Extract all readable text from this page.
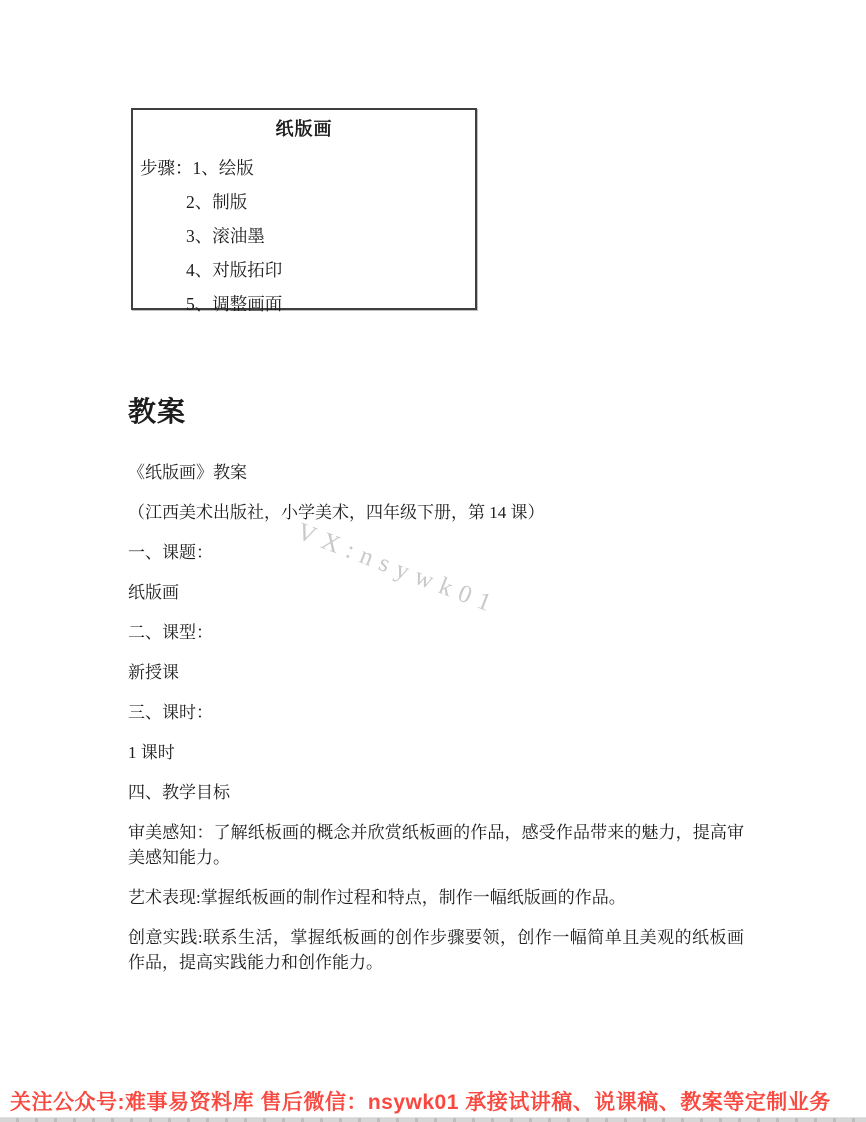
纸版画
步骤：1、绘版
2、制版
3、滚油墨
4、对版拓印
5、调整画面
VX:nsywk01
教案

《纸版画》教案

（江西美术出版社，小学美术，四年级下册，第 14 课）

一、课题：

纸版画

二、课型：

新授课

三、课时：

1 课时

四、教学目标

审美感知：了解纸板画的概念并欣赏纸板画的作品，感受作品带来的魅力，提高审美感知能力。

艺术表现:掌握纸板画的制作过程和特点，制作一幅纸版画的作品。

创意实践:联系生活，掌握纸板画的创作步骤要领，创作一幅简单且美观的纸板画作品，提高实践能力和创作能力。

关注公众号:难事易资料库 售后微信：nsywk01 承接试讲稿、说课稿、教案等定制业务
